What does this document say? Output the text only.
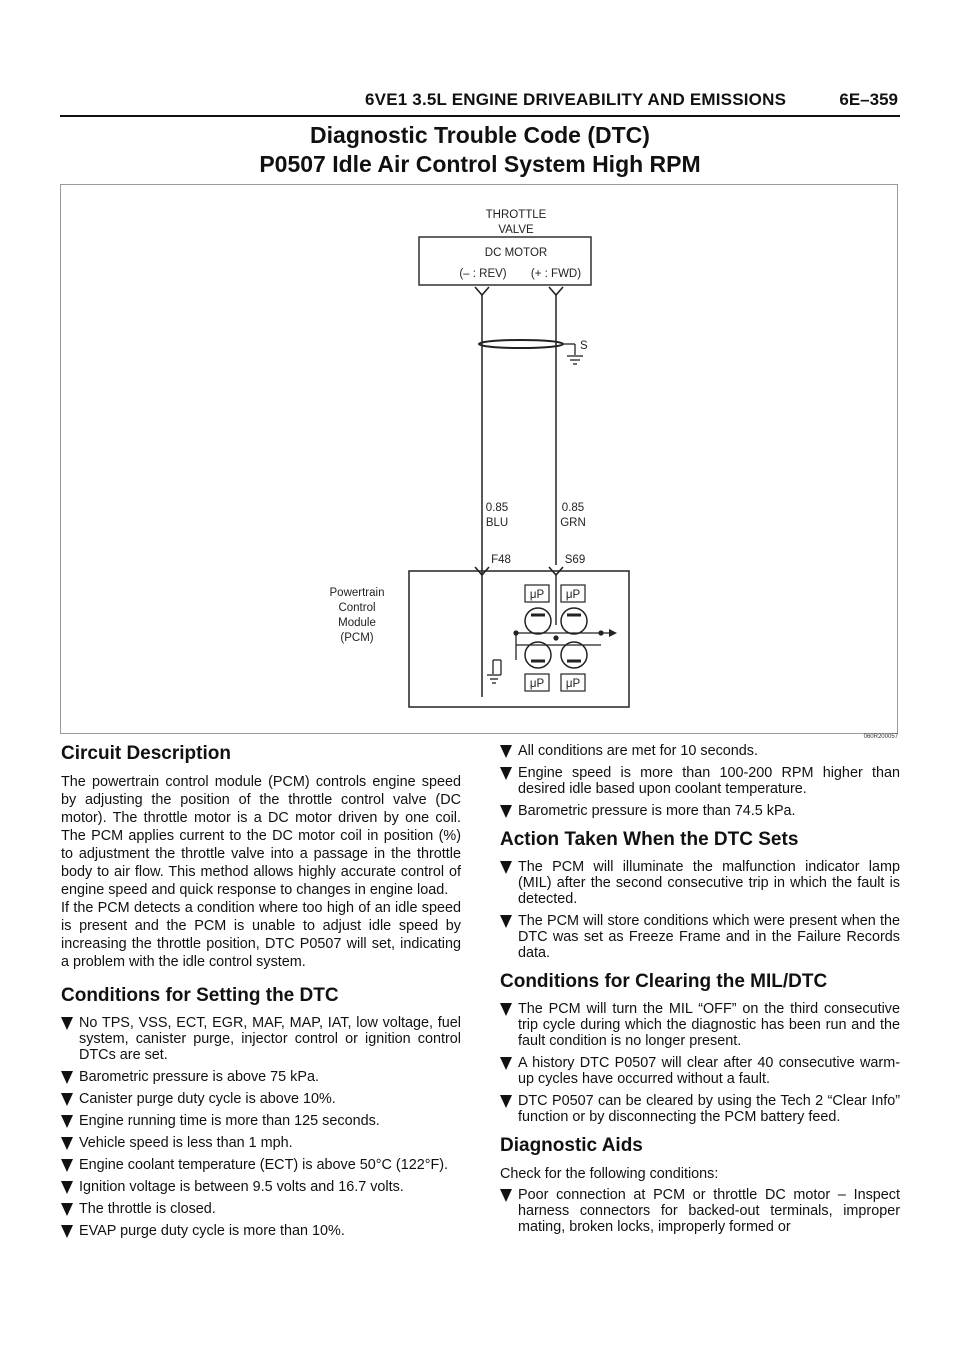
6VE1 3.5L ENGINE DRIVEABILITY AND EMISSIONS	6E–359
Diagnostic Trouble Code (DTC)
P0507 Idle Air Control System High RPM
THROTTLE
VALVE
DC MOTOR
(– : REV) (+ : FWD)
S
0.85
BLU
0.85
GRN
F48	S69
Powertrain
Control
Module
(PCM)
μP μP
μP μP
060R200057
Circuit Description

The powertrain control module (PCM) controls engine speed by adjusting the position of the throttle control valve (DC motor). The throttle motor is a DC motor driven by one coil. The PCM applies current to the DC motor coil in position (%) to adjustment the throttle valve into a passage in the throttle body to air flow. This method allows highly accurate control of engine speed and quick response to changes in engine load.

If the PCM detects a condition where too high of an idle speed is present and the PCM is unable to adjust idle speed by increasing the throttle position, DTC P0507 will set, indicating a problem with the idle control system.

Conditions for Setting the DTC
No TPS, VSS, ECT, EGR, MAF, MAP, IAT, low voltage, fuel system, canister purge, injector control or ignition control DTCs are set.
Barometric pressure is above 75 kPa.
Canister purge duty cycle is above 10%.
Engine running time is more than 125 seconds.
Vehicle speed is less than 1 mph.
Engine coolant temperature (ECT) is above 50°C (122°F).
Ignition voltage is between 9.5 volts and 16.7 volts.
The throttle is closed.
EVAP purge duty cycle is more than 10%.
All conditions are met for 10 seconds.
Engine speed is more than 100-200 RPM higher than desired idle based upon coolant temperature.
Barometric pressure is more than 74.5 kPa.
Action Taken When the DTC Sets
The PCM will illuminate the malfunction indicator lamp (MIL) after the second consecutive trip in which the fault is detected.
The PCM will store conditions which were present when the DTC was set as Freeze Frame and in the Failure Records data.
Conditions for Clearing the MIL/DTC
The PCM will turn the MIL “OFF” on the third consecutive trip cycle during which the diagnostic has been run and the fault condition is no longer present.
A history DTC P0507 will clear after 40 consecutive warm-up cycles have occurred without a fault.
DTC P0507 can be cleared by using the Tech 2 “Clear Info” function or by disconnecting the PCM battery feed.
Diagnostic Aids

Check for the following conditions:

Poor connection at PCM or throttle DC motor – Inspect harness connectors for backed-out terminals, improper mating, broken locks, improperly formed or
